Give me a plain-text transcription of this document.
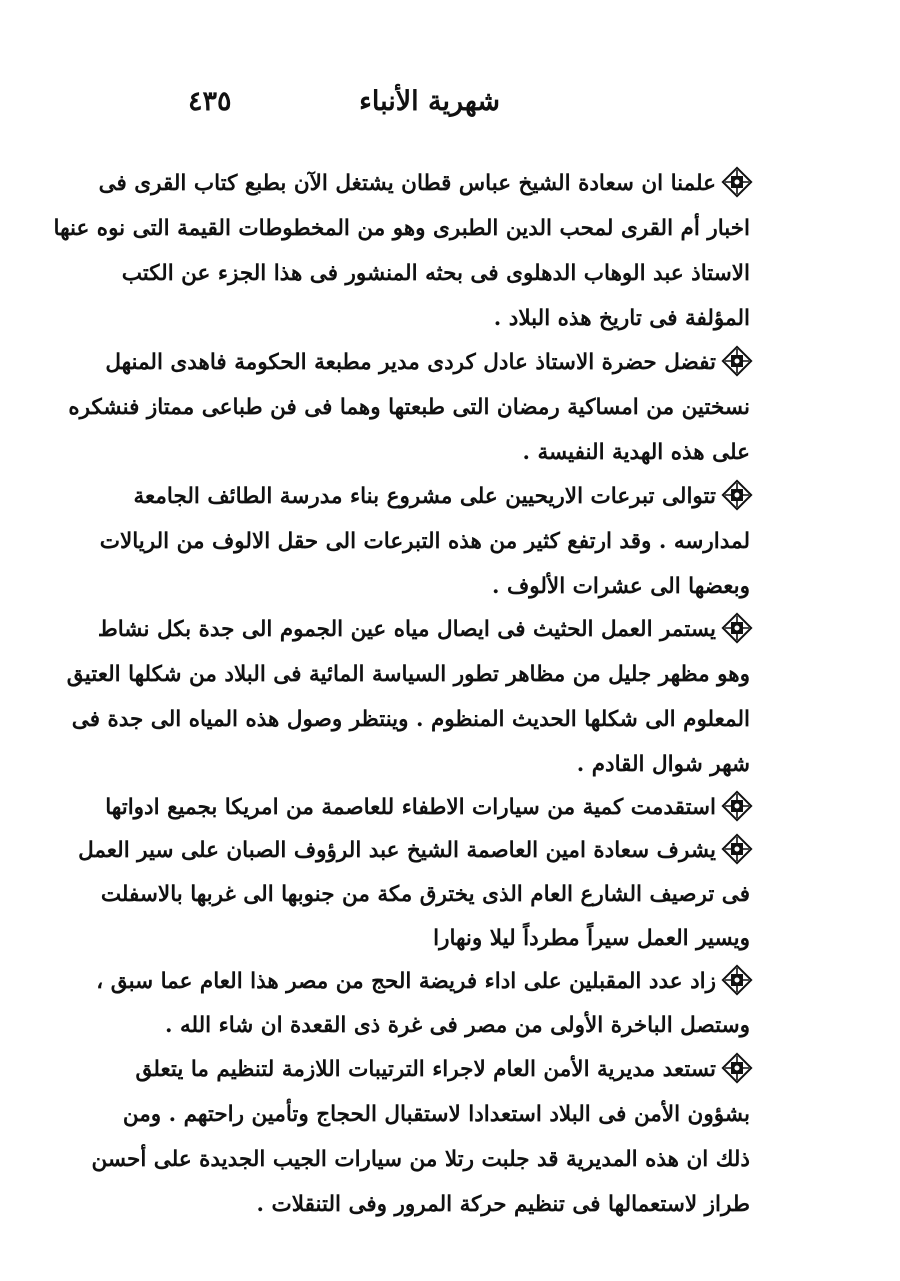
شهرية الأنباء
٤٣٥
علمنا ان سعادة الشيخ عباس قطان يشتغل الآن بطبع كتاب القرى فى
اخبار أم القرى لمحب الدين الطبرى وهو من المخطوطات القيمة التى نوه عنها
الاستاذ عبد الوهاب الدهلوى فى بحثه المنشور فى هذا الجزء عن الكتب
المؤلفة فى تاريخ هذه البلاد .
تفضل حضرة الاستاذ عادل كردى مدير مطبعة الحكومة فاهدى المنهل
نسختين من امساكية رمضان التى طبعتها وهما فى فن طباعى ممتاز فنشكره
على هذه الهدية النفيسة .
تتوالى تبرعات الاريحيين على مشروع بناء مدرسة الطائف الجامعة
لمدارسه . وقد ارتفع كثير من هذه التبرعات الى حقل الالوف من الريالات
وبعضها الى عشرات الألوف .
يستمر العمل الحثيث فى ايصال مياه عين الجموم الى جدة بكل نشاط
وهو مظهر جليل من مظاهر تطور السياسة المائية فى البلاد من شكلها العتيق
المعلوم الى شكلها الحديث المنظوم . وينتظر وصول هذه المياه الى جدة فى
شهر شوال القادم .
استقدمت كمية من سيارات الاطفاء للعاصمة من امريكا بجميع ادواتها
يشرف سعادة امين العاصمة الشيخ عبد الرؤوف الصبان على سير العمل
فى ترصيف الشارع العام الذى يخترق مكة من جنوبها الى غربها بالاسفلت
ويسير العمل سيراً مطرداً ليلا ونهارا
زاد عدد المقبلين على اداء فريضة الحج من مصر هذا العام عما سبق ،
وستصل الباخرة الأولى من مصر فى غرة ذى القعدة ان شاء الله .
تستعد مديرية الأمن العام لاجراء الترتيبات اللازمة لتنظيم ما يتعلق
بشؤون الأمن فى البلاد استعدادا لاستقبال الحجاج وتأمين راحتهم . ومن
ذلك ان هذه المديرية قد جلبت رتلا من سيارات الجيب الجديدة على أحسن
طراز لاستعمالها فى تنظيم حركة المرور وفى التنقلات .
